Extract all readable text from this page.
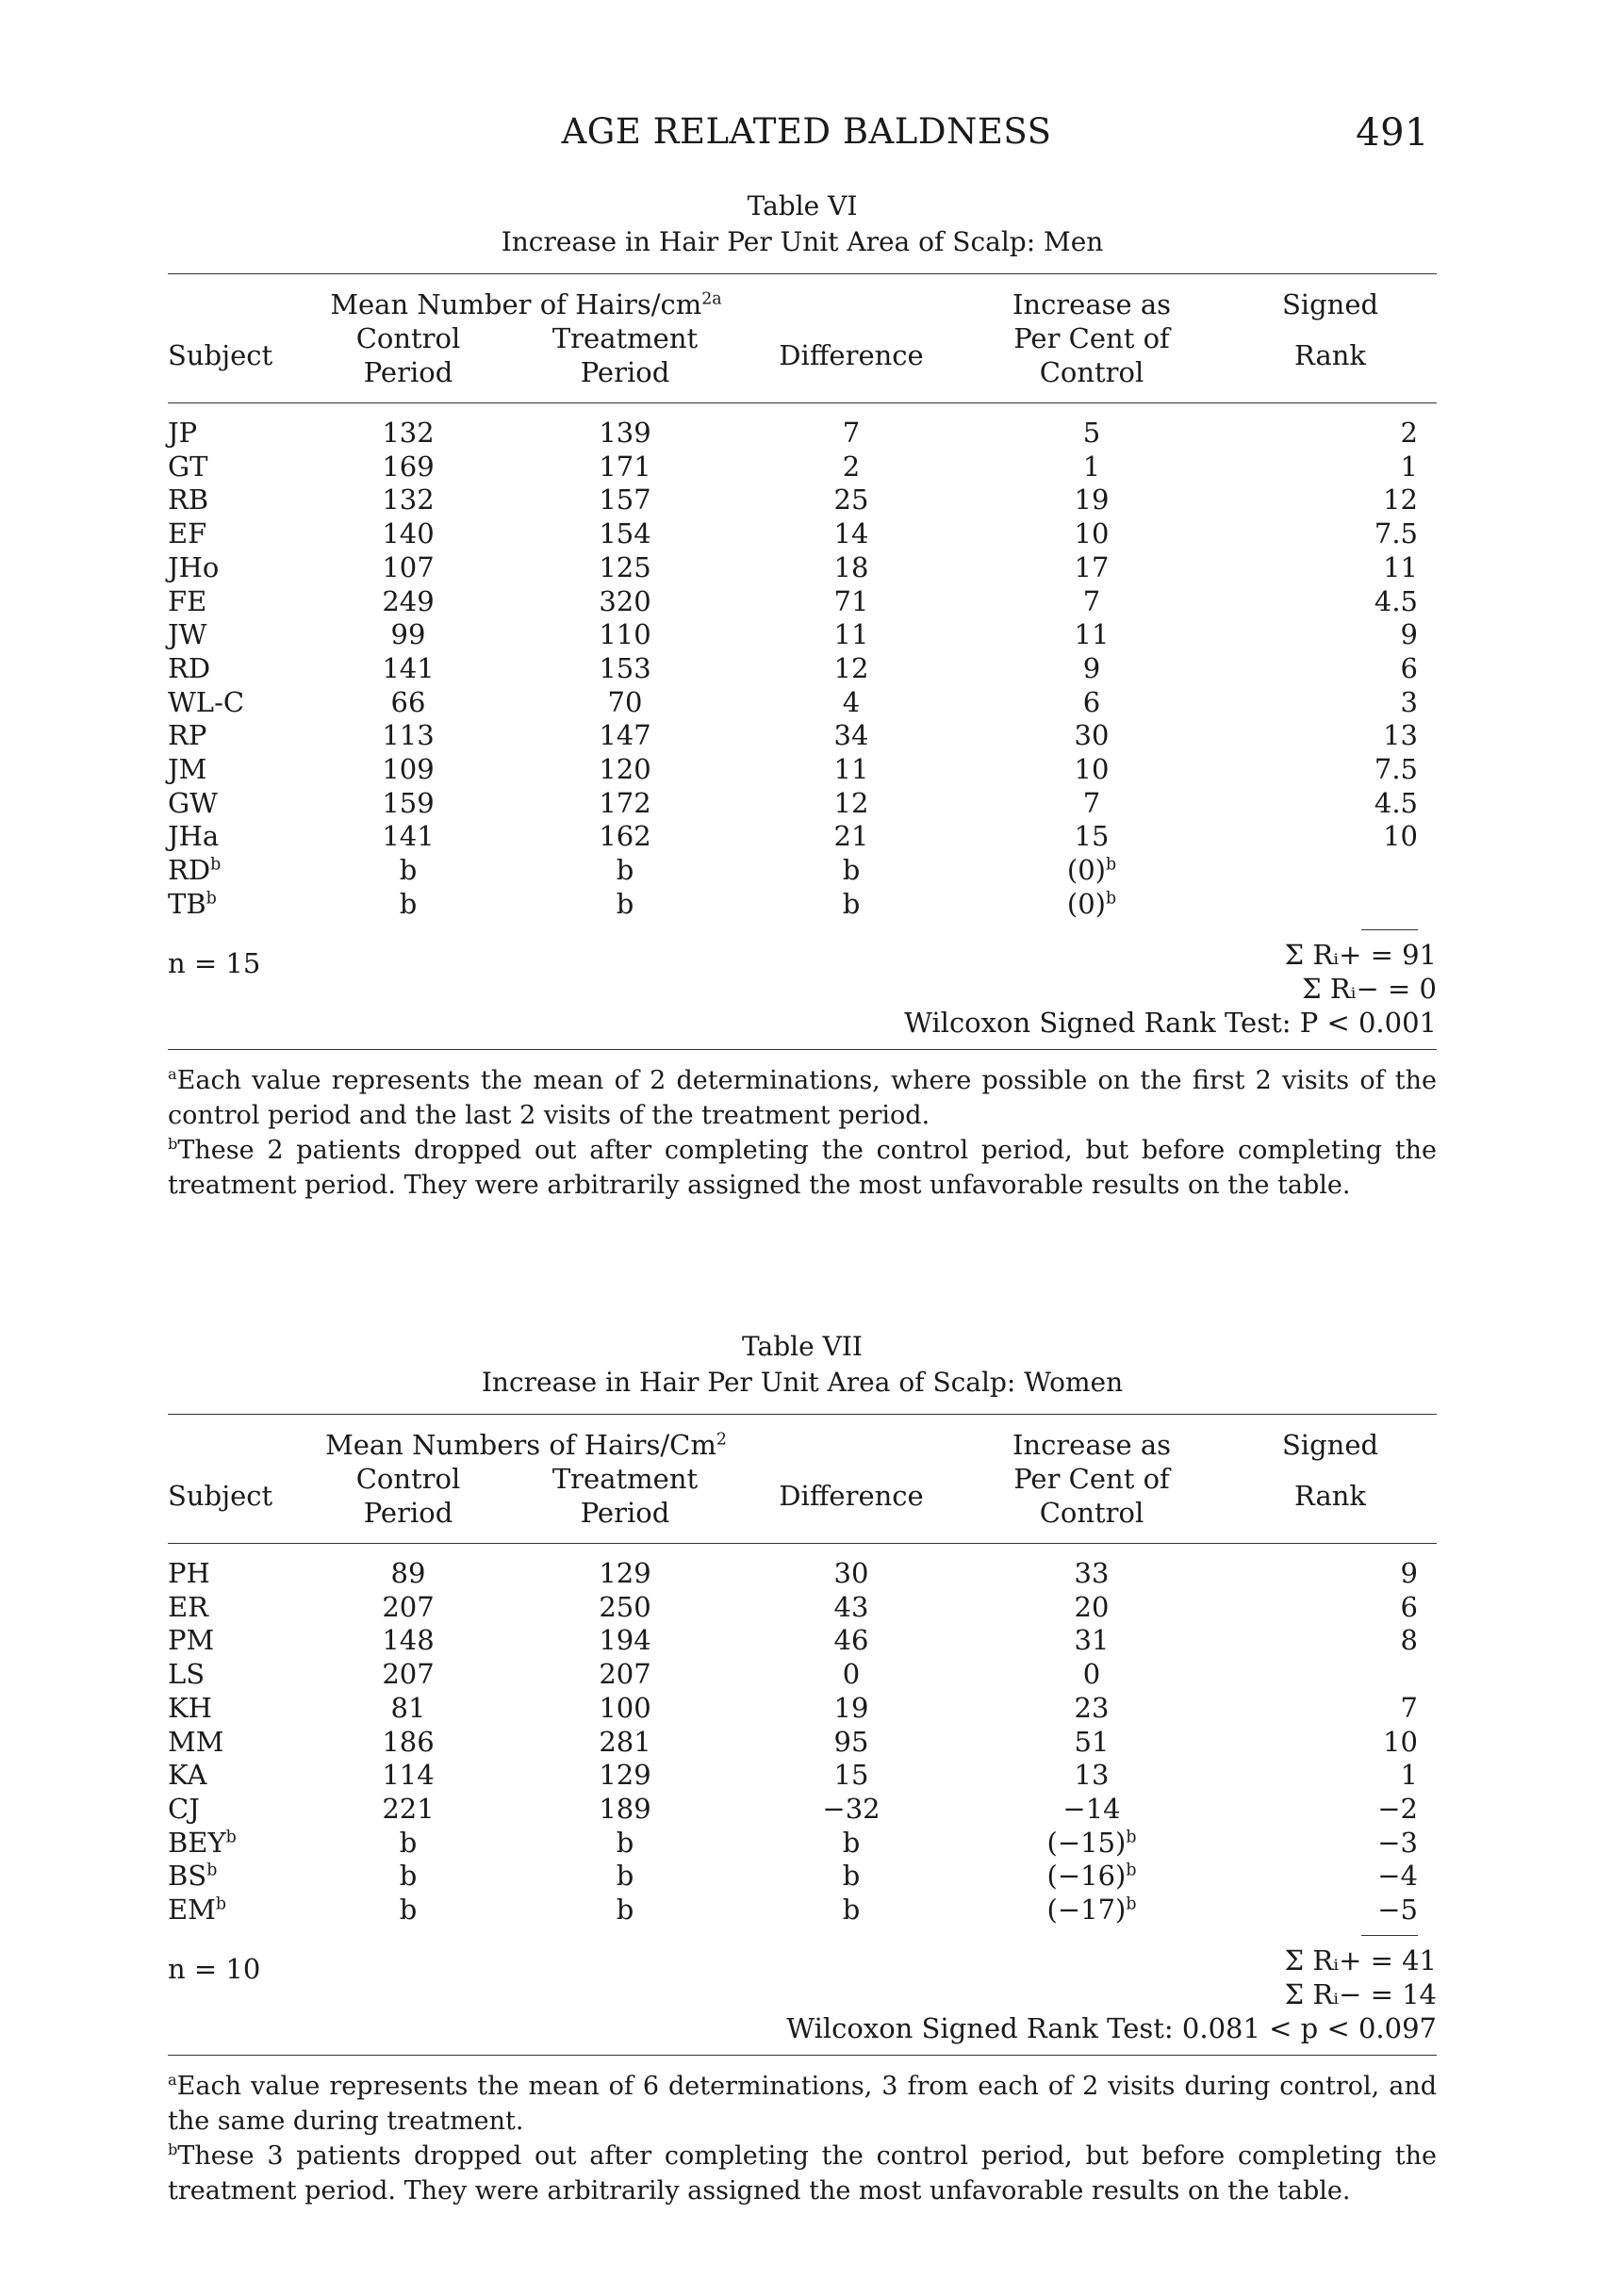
AGE RELATED BALDNESS	491
Table VI
Increase in Hair Per Unit Area of Scalp: Men

	Mean Number of Hairs/$cm^{2a}$			Increase as	Signed
Subject	Control Period	Treatment Period	Difference	Per Cent of Control	Rank

JP	132	139	7	5	2
GT	169	171	2	1	1
RB	132	157	25	19	12
EF	140	154	14	10	7.5
JHo	107	125	18	17	11
FE	249	320	71	7	4.5
JW	99	110	11	11	9
RD	141	153	12	9	6
WL-C	66	70	4	6	3
RP	113	147	34	30	13
JM	109	120	11	10	7.5
GW	159	172	12	7	4.5
JHa	141	162	21	15	10
$RD^b$	b	b	b	$(0)^b$	
$TB^b$	b	b	b	$(0)^b$	
n = 15	Σ Rᵢ+ = 91
Σ Rᵢ− = 0
Wilcoxon Signed Rank Test: P < 0.001

$^a$Each value represents the mean of 2 determinations, where possible on the first 2 visits of the control period and the last 2 visits of the treatment period.

$^b$These 2 patients dropped out after completing the control period, but before completing the treatment period. They were arbitrarily assigned the most unfavorable results on the table.

Table VII
Increase in Hair Per Unit Area of Scalp: Women

	Mean Numbers of Hairs/Cm$^2$			Increase as	Signed
Subject	Control Period	Treatment Period	Difference	Per Cent of Control	Rank

PH	89	129	30	33	9
ER	207	250	43	20	6
PM	148	194	46	31	8
LS	207	207	0	0	
KH	81	100	19	23	7
MM	186	281	95	51	10
KA	114	129	15	13	1
CJ	221	189	−32	−14	−2
BEY$^b$	b	b	b	$(-15)^b$	−3
$BS^b$	b	b	b	$(-16)^b$	−4
$EM^b$	b	b	b	$(-17)^b$	−5
n = 10	Σ Rᵢ+ = 41
Σ Rᵢ− = 14
Wilcoxon Signed Rank Test: 0.081 < p < 0.097

$^a$Each value represents the mean of 6 determinations, 3 from each of 2 visits during control, and the same during treatment.

$^b$These 3 patients dropped out after completing the control period, but before completing the treatment period. They were arbitrarily assigned the most unfavorable results on the table.
